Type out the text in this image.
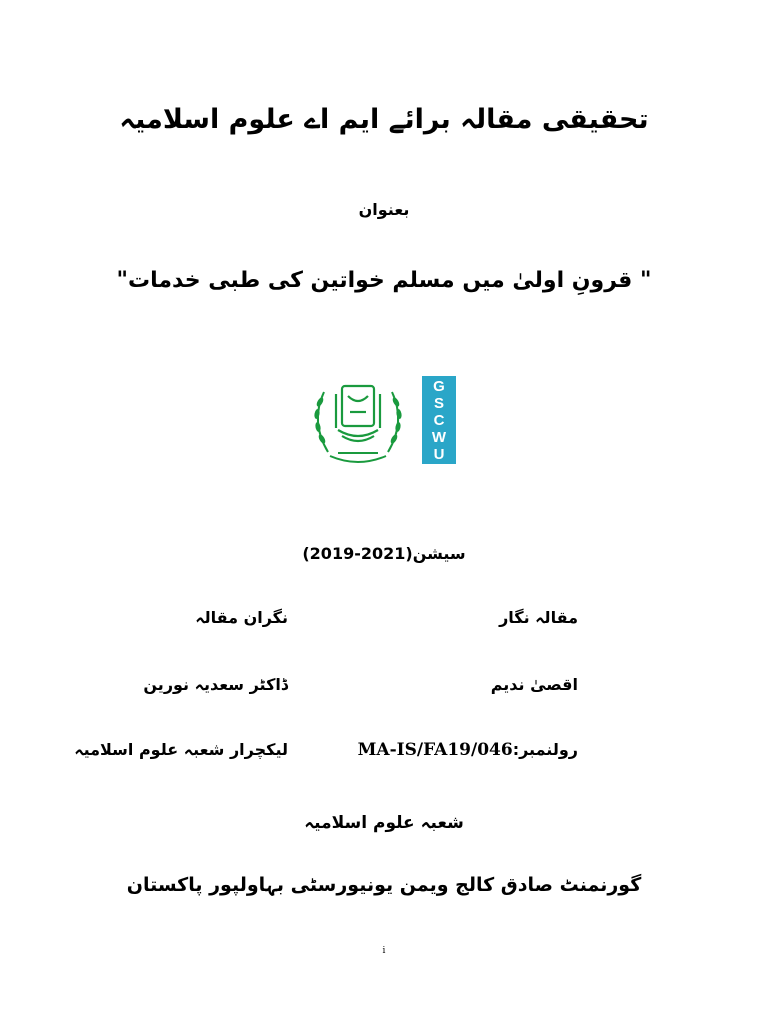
تحقیقی مقالہ برائے ایم اے علوم اسلامیہ
بعنوان
" قرونِ اولیٰ میں مسلم خواتین کی طبی خدمات"
G
S
C
W
U
سیشن(2019-2021)
مقالہ نگار
نگران مقالہ
اقصیٰ ندیم
ڈاکٹر سعدیہ نورین
رولنمبر:MA-IS/FA19/046
لیکچرار شعبہ علوم اسلامیہ
شعبہ علوم اسلامیہ
گورنمنٹ صادق کالج ویمن یونیورسٹی بہاولپور پاکستان
i
